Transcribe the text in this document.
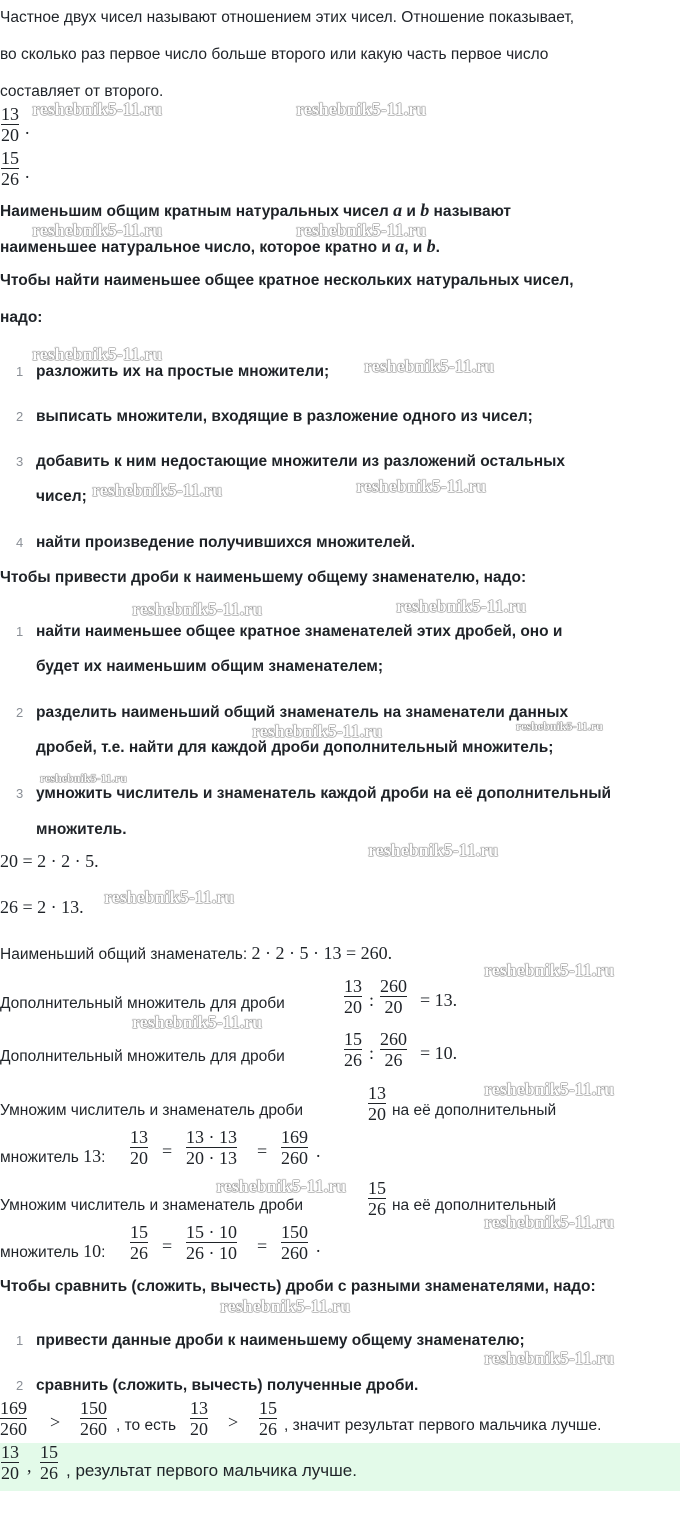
Частное двух чисел называют отношением этих чисел. Отношение показывает,
во сколько раз первое число больше второго или какую часть первое число
составляет от второго.
13
20 .
15
26 .
Наименьшим общим кратным натуральных чисел a и b называют
наименьшее натуральное число, которое кратно и a, и b.
Чтобы найти наименьшее общее кратное нескольких натуральных чисел,
надо:
1 разложить их на простые множители;
2 выписать множители, входящие в разложение одного из чисел;
3 добавить к ним недостающие множители из разложений остальных
чисел;
4 найти произведение получившихся множителей.
Чтобы привести дроби к наименьшему общему знаменателю, надо:
1 найти наименьшее общее кратное знаменателей этих дробей, оно и
будет их наименьшим общим знаменателем;
2 разделить наименьший общий знаменатель на знаменатели данных
дробей, т.е. найти для каждой дроби дополнительный множитель;
3 умножить числитель и знаменатель каждой дроби на её дополнительный
множитель.
20 = 2 · 2 · 5.
26 = 2 · 13.
Наименьший общий знаменатель: 2 · 2 · 5 · 13 = 260.
Дополнительный множитель для дроби
13
20 :
260
20 = 13.
Дополнительный множитель для дроби
15
26 :
260
26 = 10.
Умножим числитель и знаменатель дроби
13
20 на её дополнительный
множитель 13:
13
20 =
13 · 13
20 · 13 =
169
260 .
Умножим числитель и знаменатель дроби
15
26 на её дополнительный
множитель 10:
15
26 =
15 · 10
26 · 10 =
150
260 .
Чтобы сравнить (сложить, вычесть) дроби с разными знаменателями, надо:
1 привести данные дроби к наименьшему общему знаменателю;
2 сравнить (сложить, вычесть) полученные дроби.
169
260 >
150
260 , то есть
13
20 >
15
26 , значит результат первого мальчика лучше.
13
20 ,
15
26 , результат первого мальчика лучше.
reshebnik5-11.ru	reshebnik5-11.ru
reshebnik5-11.ru	reshebnik5-11.ru
reshebnik5-11.ru
reshebnik5-11.ru
reshebnik5-11.ru	reshebnik5-11.ru
reshebnik5-11.ru	reshebnik5-11.ru
reshebnik5-11.ru	reshebnik5-11.ru
reshebnik5-11.ru
reshebnik5-11.ru
reshebnik5-11.ru
reshebnik5-11.ru
reshebnik5-11.ru
reshebnik5-11.ru
reshebnik5-11.ru
reshebnik5-11.ru
reshebnik5-11.ru
reshebnik5-11.ru
